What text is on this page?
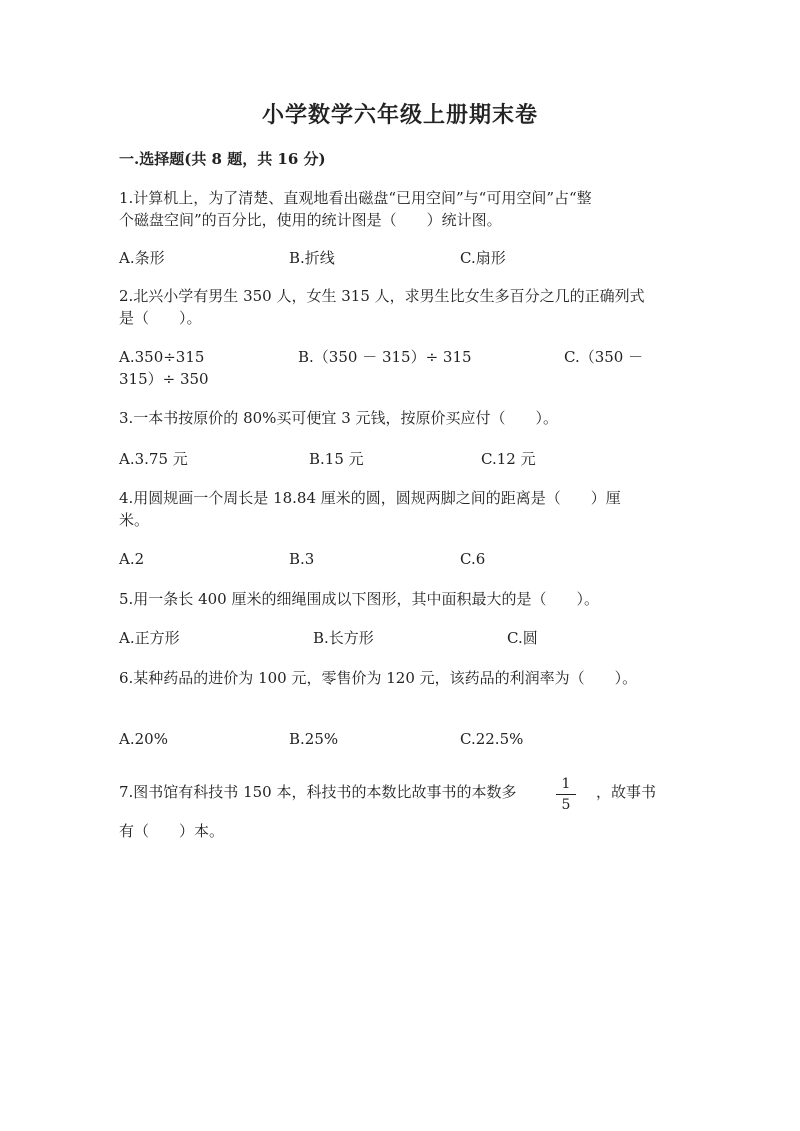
小学数学六年级上册期末卷
一.选择题(共 8 题，共 16 分)
1.计算机上，为了清楚、直观地看出磁盘“已用空间”与“可用空间”占“整
个磁盘空间”的百分比，使用的统计图是（　　）统计图。
A.条形	B.折线	C.扇形
2.北兴小学有男生 350 人，女生 315 人，求男生比女生多百分之几的正确列式
是（　　）。
A.350÷315	B.（350 － 315）÷ 315	C.（350 －
315）÷ 350
3.一本书按原价的 80%买可便宜 3 元钱，按原价买应付（　　）。
A.3.75 元	B.15 元	C.12 元
4.用圆规画一个周长是 18.84 厘米的圆，圆规两脚之间的距离是（　　）厘
米。
A.2	B.3	C.6
5.用一条长 400 厘米的细绳围成以下图形，其中面积最大的是（　　）。
A.正方形	B.长方形	C.圆
6.某种药品的进价为 100 元，零售价为 120 元，该药品的利润率为（　　）。
A.20%	B.25%	C.22.5%
7.图书馆有科技书 150 本，科技书的本数比故事书的本数多	，故事书
$\frac{1}{5}$
有（　　）本。
